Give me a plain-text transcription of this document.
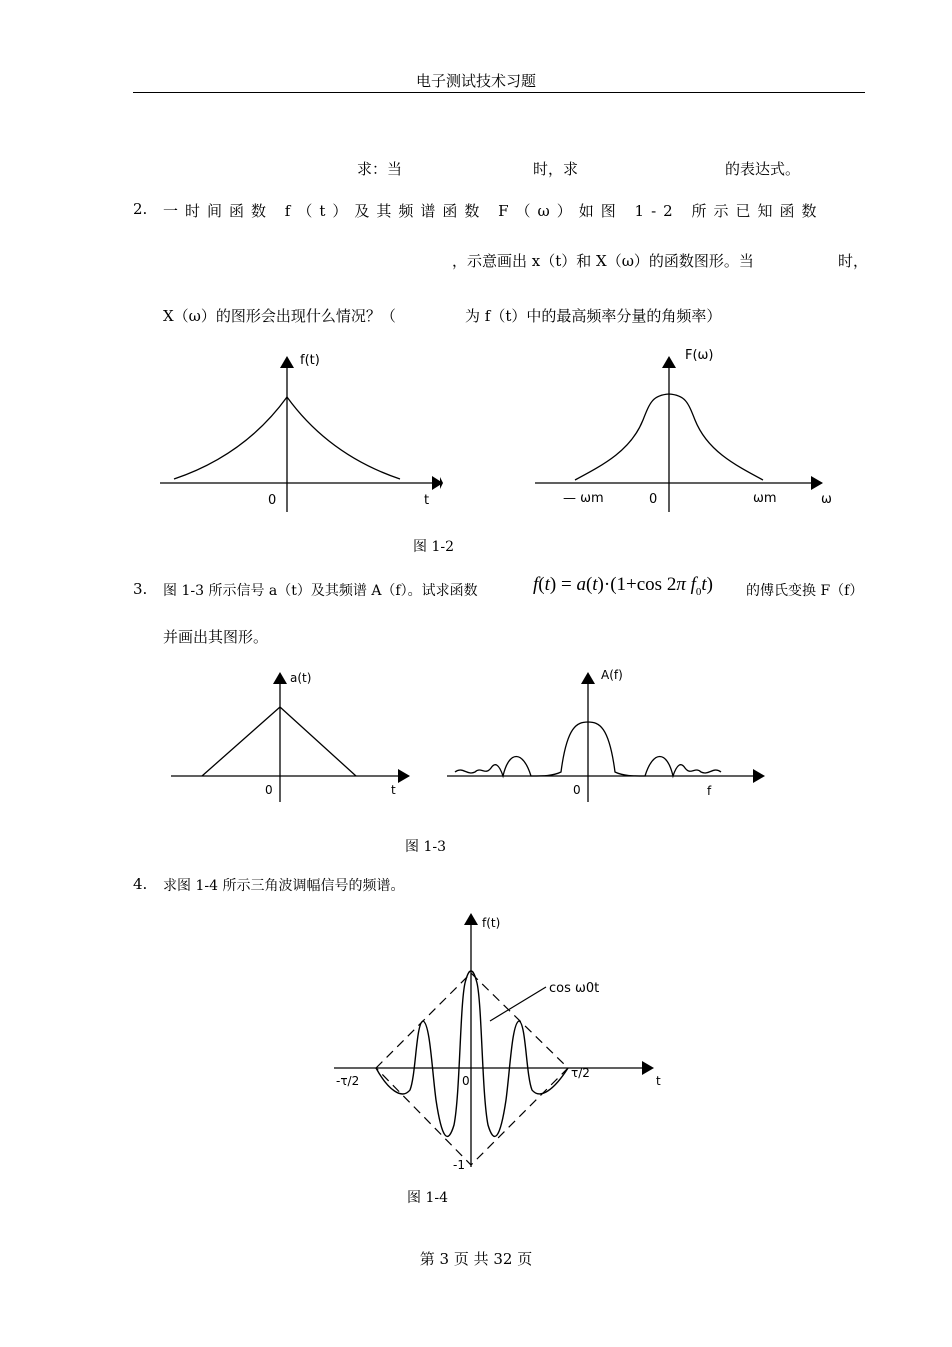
电子测试技术习题
求：当	时，求	的表达式。
2. 一时间函数 f（t）及其频谱函数 F（ω）如图 1-2 所示已知函数
，示意画出 x（t）和 X（ω）的函数图形。当	时，
X（ω）的图形会出现什么情况？（	为 f（t）中的最高频率分量的角频率）
f(t)
0	t
F(ω)
— ωm	0	ωm	ω
图 1-2
3. 图 1-3 所示信号 a（t）及其频谱 A（f）。试求函数	f(t) = a(t)·(1+cos 2π $f_0t$) 的傅氏变换 F（f）
并画出其图形。
a(t)
0	t
A(f)
0	f
图 1-3
4. 求图 1-4 所示三角波调幅信号的频谱。
f(t)
cos ω0t
-τ/2	0
τ/2
t
-1
图 1-4
第 3 页 共 32 页
